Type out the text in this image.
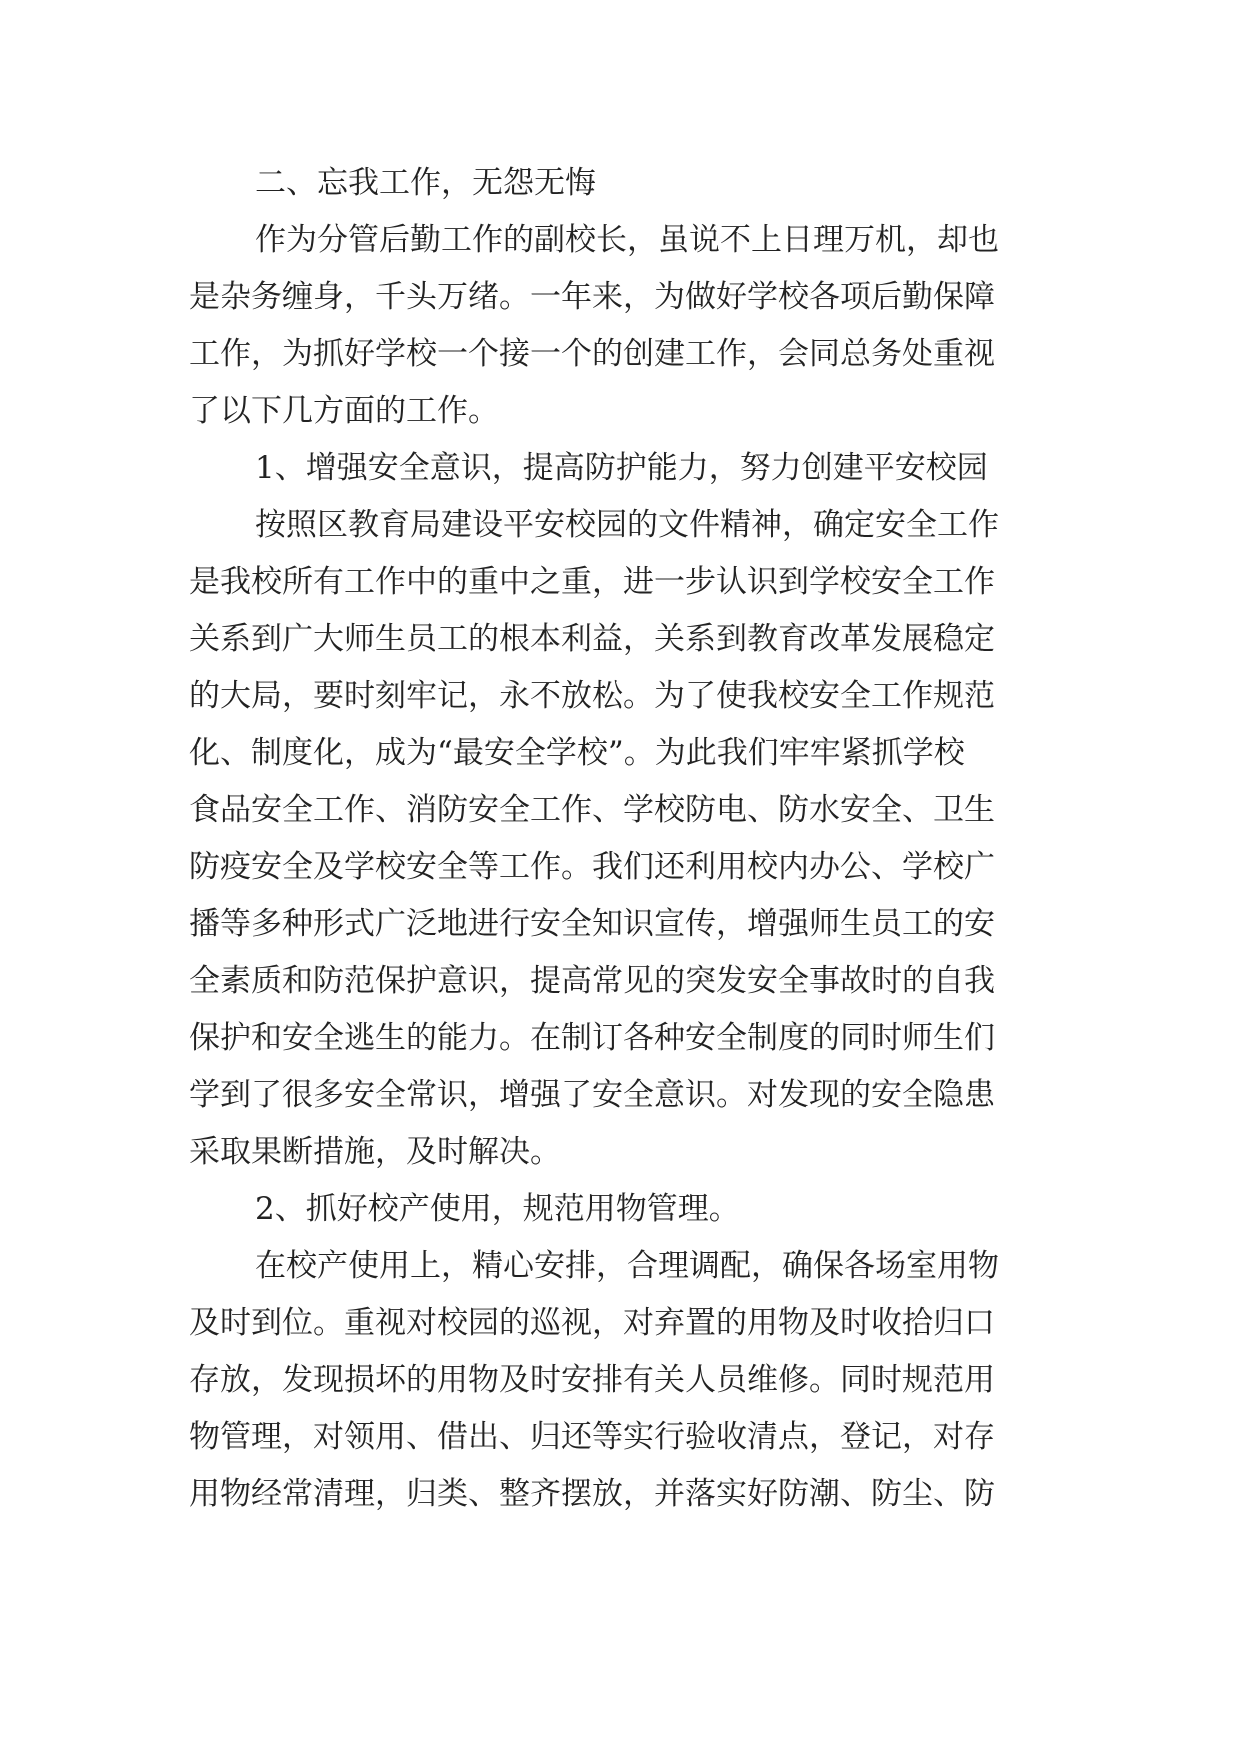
二、忘我工作，无怨无悔
作为分管后勤工作的副校长，虽说不上日理万机，却也
是杂务缠身，千头万绪。一年来，为做好学校各项后勤保障
工作，为抓好学校一个接一个的创建工作，会同总务处重视
了以下几方面的工作。
1、增强安全意识，提高防护能力，努力创建平安校园
按照区教育局建设平安校园的文件精神，确定安全工作
是我校所有工作中的重中之重，进一步认识到学校安全工作
关系到广大师生员工的根本利益，关系到教育改革发展稳定
的大局，要时刻牢记，永不放松。为了使我校安全工作规范
化、制度化，成为“最安全学校”。为此我们牢牢紧抓学校
食品安全工作、消防安全工作、学校防电、防水安全、卫生
防疫安全及学校安全等工作。我们还利用校内办公、学校广
播等多种形式广泛地进行安全知识宣传，增强师生员工的安
全素质和防范保护意识，提高常见的突发安全事故时的自我
保护和安全逃生的能力。在制订各种安全制度的同时师生们
学到了很多安全常识，增强了安全意识。对发现的安全隐患
采取果断措施，及时解决。
2、抓好校产使用，规范用物管理。
在校产使用上，精心安排，合理调配，确保各场室用物
及时到位。重视对校园的巡视，对弃置的用物及时收拾归口
存放，发现损坏的用物及时安排有关人员维修。同时规范用
物管理，对领用、借出、归还等实行验收清点，登记，对存
用物经常清理，归类、整齐摆放，并落实好防潮、防尘、防
